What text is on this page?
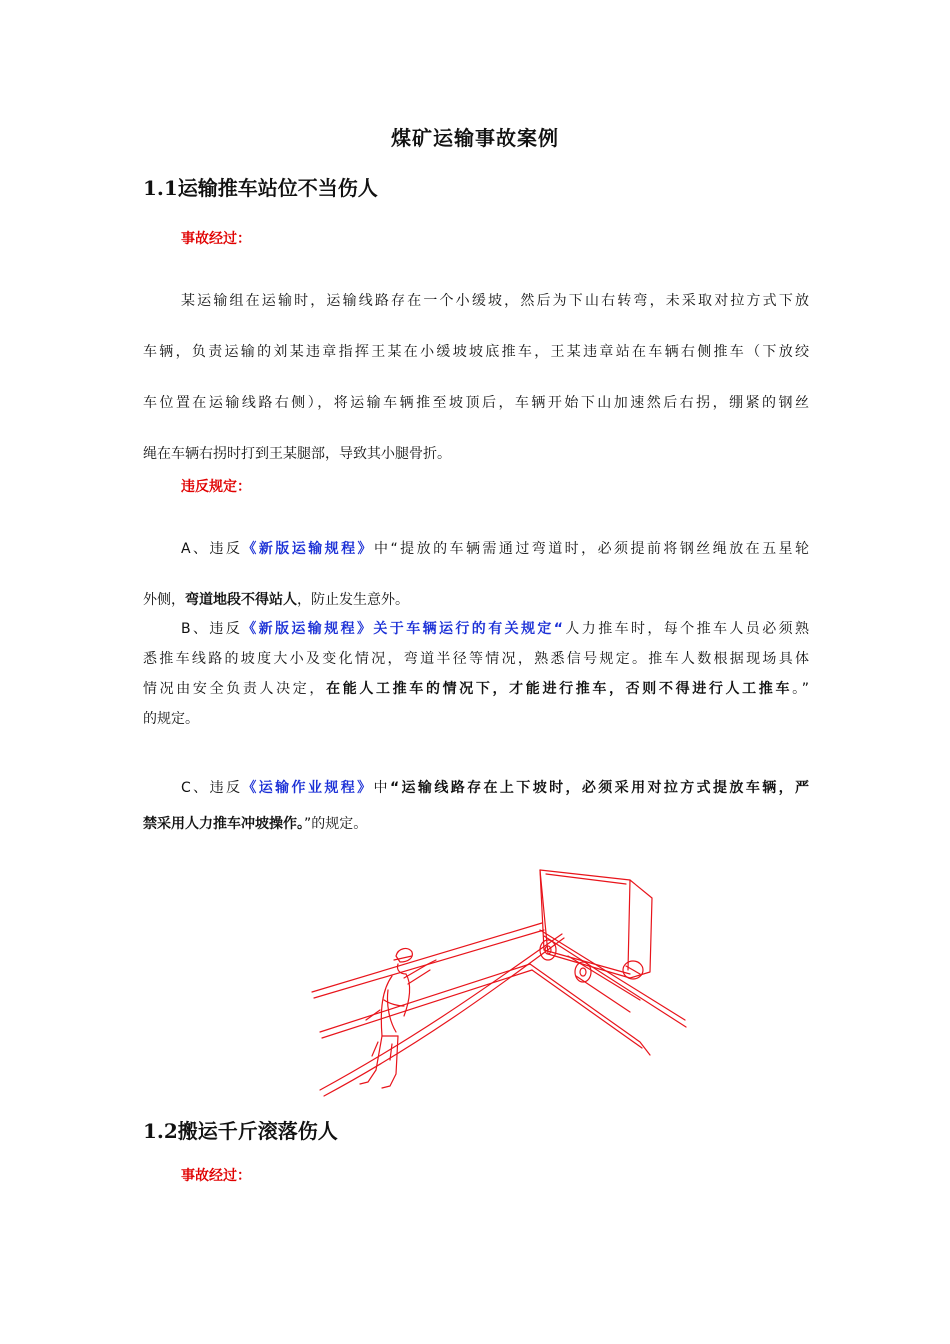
煤矿运输事故案例
1.1运输推车站位不当伤人
事故经过：
某运输组在运输时，运输线路存在一个小缓坡，然后为下山右转弯，未采取对拉方式下放
车辆，负责运输的刘某违章指挥王某在小缓坡坡底推车，王某违章站在车辆右侧推车（下放绞
车位置在运输线路右侧），将运输车辆推至坡顶后，车辆开始下山加速然后右拐，绷紧的钢丝
绳在车辆右拐时打到王某腿部，导致其小腿骨折。
违反规定：
A、违反《新版运输规程》中“提放的车辆需通过弯道时，必须提前将钢丝绳放在五星轮
外侧，弯道地段不得站人，防止发生意外。
B、违反《新版运输规程》关于车辆运行的有关规定“人力推车时，每个推车人员必须熟
悉推车线路的坡度大小及变化情况，弯道半径等情况，熟悉信号规定。推车人数根据现场具体
情况由安全负责人决定，在能人工推车的情况下，才能进行推车，否则不得进行人工推车。”
的规定。
C、违反《运输作业规程》中“运输线路存在上下坡时，必须采用对拉方式提放车辆，严
禁采用人力推车冲坡操作。”的规定。
1.2搬运千斤滚落伤人
事故经过：
